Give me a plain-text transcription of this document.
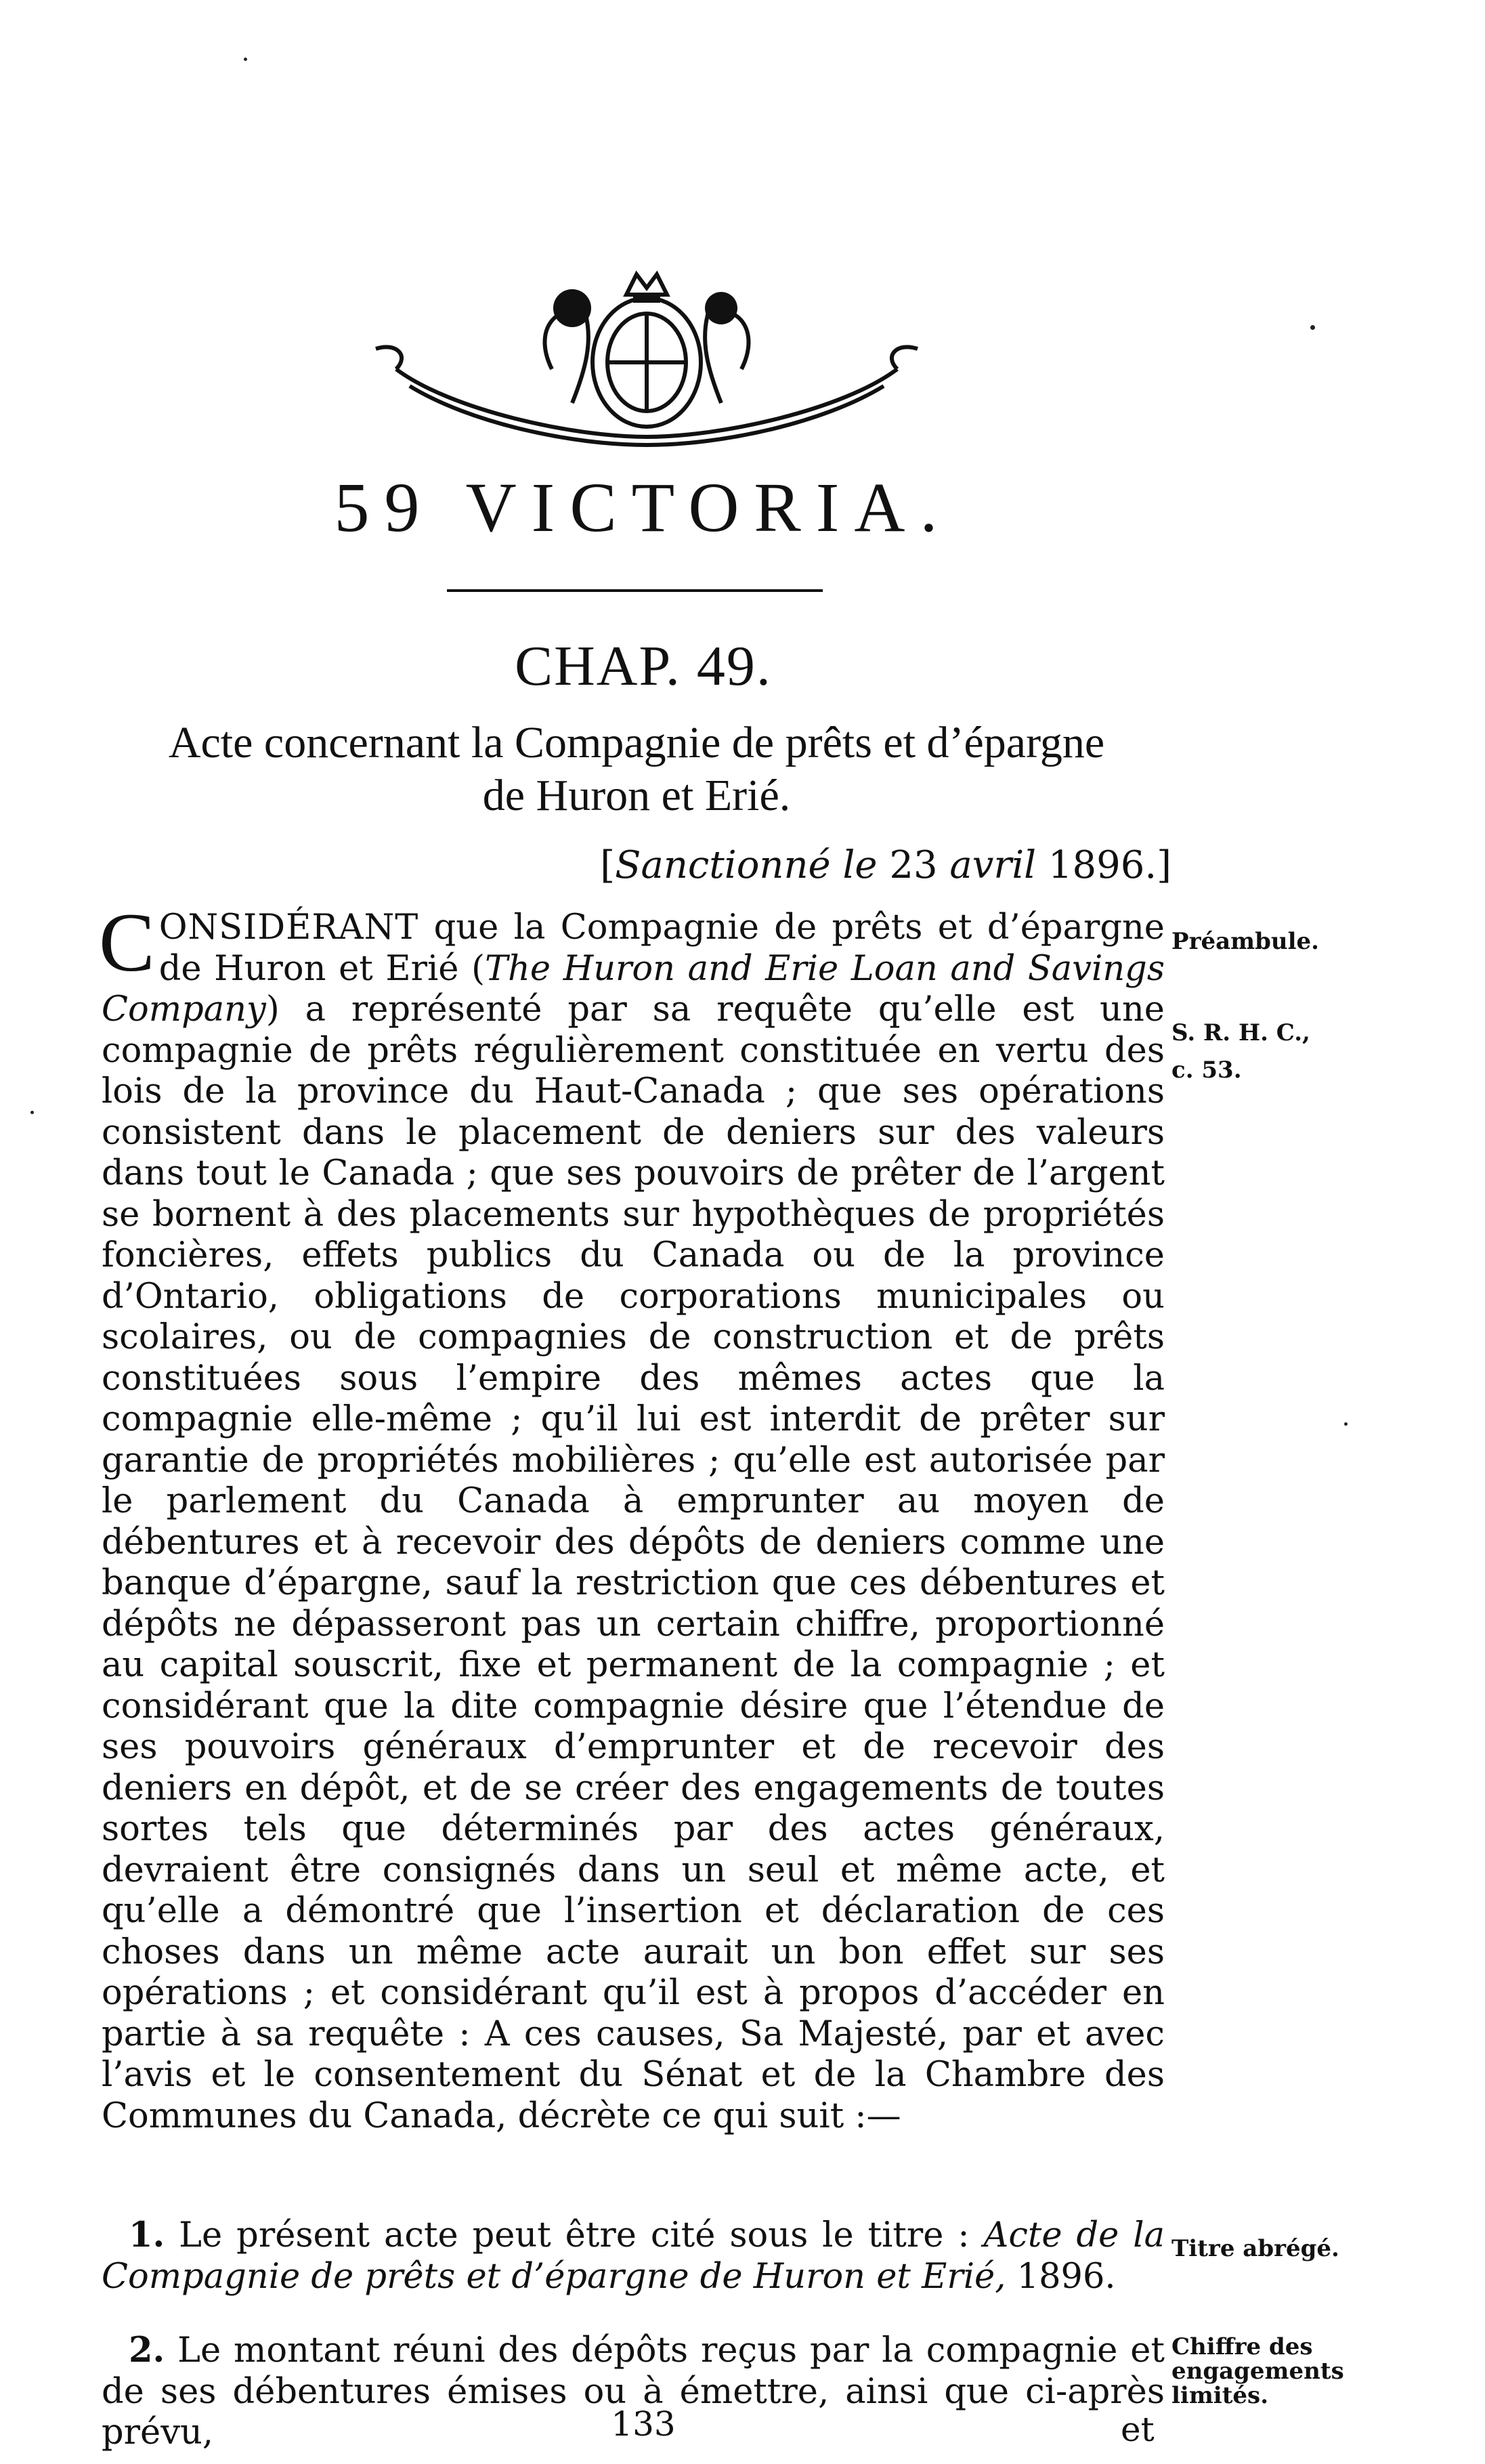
59 VICTORIA.
CHAP. 49.
Acte concernant la Compagnie de prêts et d’épargne
de Huron et Erié.
[Sanctionné le 23 avril 1896.]
CONSIDÉRANT que la Compagnie de prêts et d’épargne de Huron et Erié (The Huron and Erie Loan and Savings Company) a représenté par sa requête qu’elle est une compagnie de prêts régulièrement constituée en vertu des lois de la province du Haut-Canada ; que ses opérations consistent dans le placement de deniers sur des valeurs dans tout le Canada ; que ses pouvoirs de prêter de l’argent se bornent à des placements sur hypothèques de propriétés foncières, effets publics du Canada ou de la province d’Ontario, obligations de corporations municipales ou scolaires, ou de compagnies de construction et de prêts constituées sous l’empire des mêmes actes que la compagnie elle-même ; qu’il lui est interdit de prêter sur garantie de propriétés mobilières ; qu’elle est autorisée par le parlement du Canada à emprunter au moyen de débentures et à recevoir des dépôts de deniers comme une banque d’épargne, sauf la restriction que ces débentures et dépôts ne dépasseront pas un certain chiffre, proportionné au capital souscrit, fixe et permanent de la compagnie ; et considérant que la dite compagnie désire que l’étendue de ses pouvoirs généraux d’emprunter et de recevoir des deniers en dépôt, et de se créer des engagements de toutes sortes tels que déterminés par des actes généraux, devraient être consignés dans un seul et même acte, et qu’elle a démontré que l’insertion et déclaration de ces choses dans un même acte aurait un bon effet sur ses opérations ; et considérant qu’il est à propos d’accéder en partie à sa requête : A ces causes, Sa Majesté, par et avec l’avis et le consentement du Sénat et de la Chambre des Communes du Canada, décrète ce qui suit :—
1. Le présent acte peut être cité sous le titre : Acte de la Compagnie de prêts et d’épargne de Huron et Erié, 1896.
2. Le montant réuni des dépôts reçus par la compagnie et de ses débentures émises ou à émettre, ainsi que ci-après prévu,
Préambule.
S. R. H. C.,
c. 53.
Titre abrégé.
Chiffre des
engagements
limités.
133	et
